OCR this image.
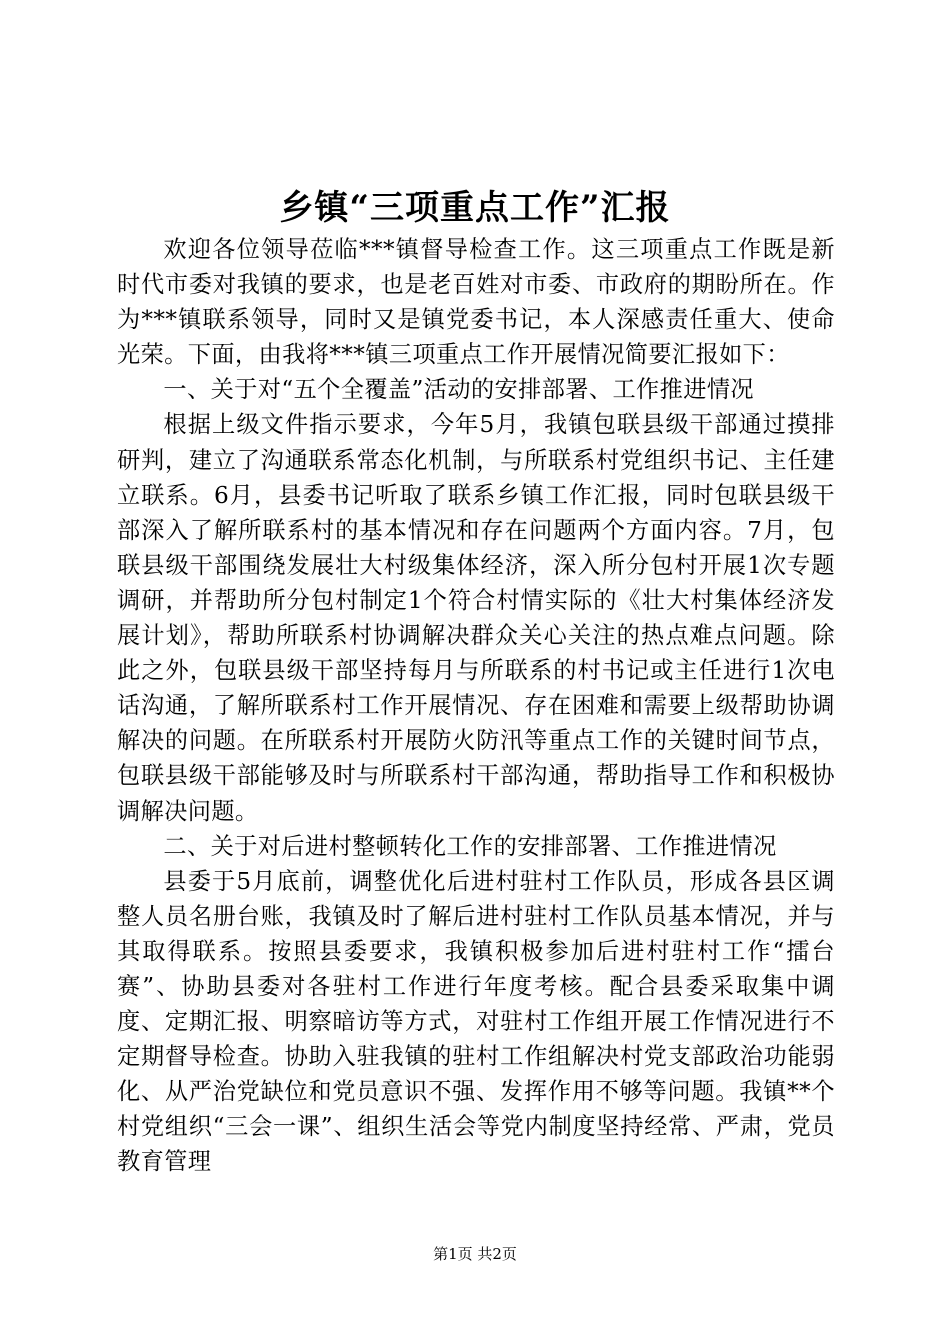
乡镇“三项重点工作”汇报

欢迎各位领导莅临***镇督导检查工作。这三项重点工作既是新时代市委对我镇的要求，也是老百姓对市委、市政府的期盼所在。作为***镇联系领导，同时又是镇党委书记，本人深感责任重大、使命光荣。下面，由我将***镇三项重点工作开展情况简要汇报如下：

一、关于对“五个全覆盖”活动的安排部署、工作推进情况

根据上级文件指示要求，今年5月，我镇包联县级干部通过摸排研判，建立了沟通联系常态化机制，与所联系村党组织书记、主任建立联系。6月，县委书记听取了联系乡镇工作汇报，同时包联县级干部深入了解所联系村的基本情况和存在问题两个方面内容。7月，包联县级干部围绕发展壮大村级集体经济，深入所分包村开展1次专题调研，并帮助所分包村制定1个符合村情实际的《壮大村集体经济发展计划》，帮助所联系村协调解决群众关心关注的热点难点问题。除此之外，包联县级干部坚持每月与所联系的村书记或主任进行1次电话沟通，了解所联系村工作开展情况、存在困难和需要上级帮助协调解决的问题。在所联系村开展防火防汛等重点工作的关键时间节点，包联县级干部能够及时与所联系村干部沟通，帮助指导工作和积极协调解决问题。

二、关于对后进村整顿转化工作的安排部署、工作推进情况

县委于5月底前，调整优化后进村驻村工作队员，形成各县区调整人员名册台账，我镇及时了解后进村驻村工作队员基本情况，并与其取得联系。按照县委要求，我镇积极参加后进村驻村工作“擂台赛”、协助县委对各驻村工作进行年度考核。配合县委采取集中调度、定期汇报、明察暗访等方式，对驻村工作组开展工作情况进行不定期督导检查。协助入驻我镇的驻村工作组解决村党支部政治功能弱化、从严治党缺位和党员意识不强、发挥作用不够等问题。我镇**个村党组织“三会一课”、组织生活会等党内制度坚持经常、严肃，党员教育管理

第1页 共2页
